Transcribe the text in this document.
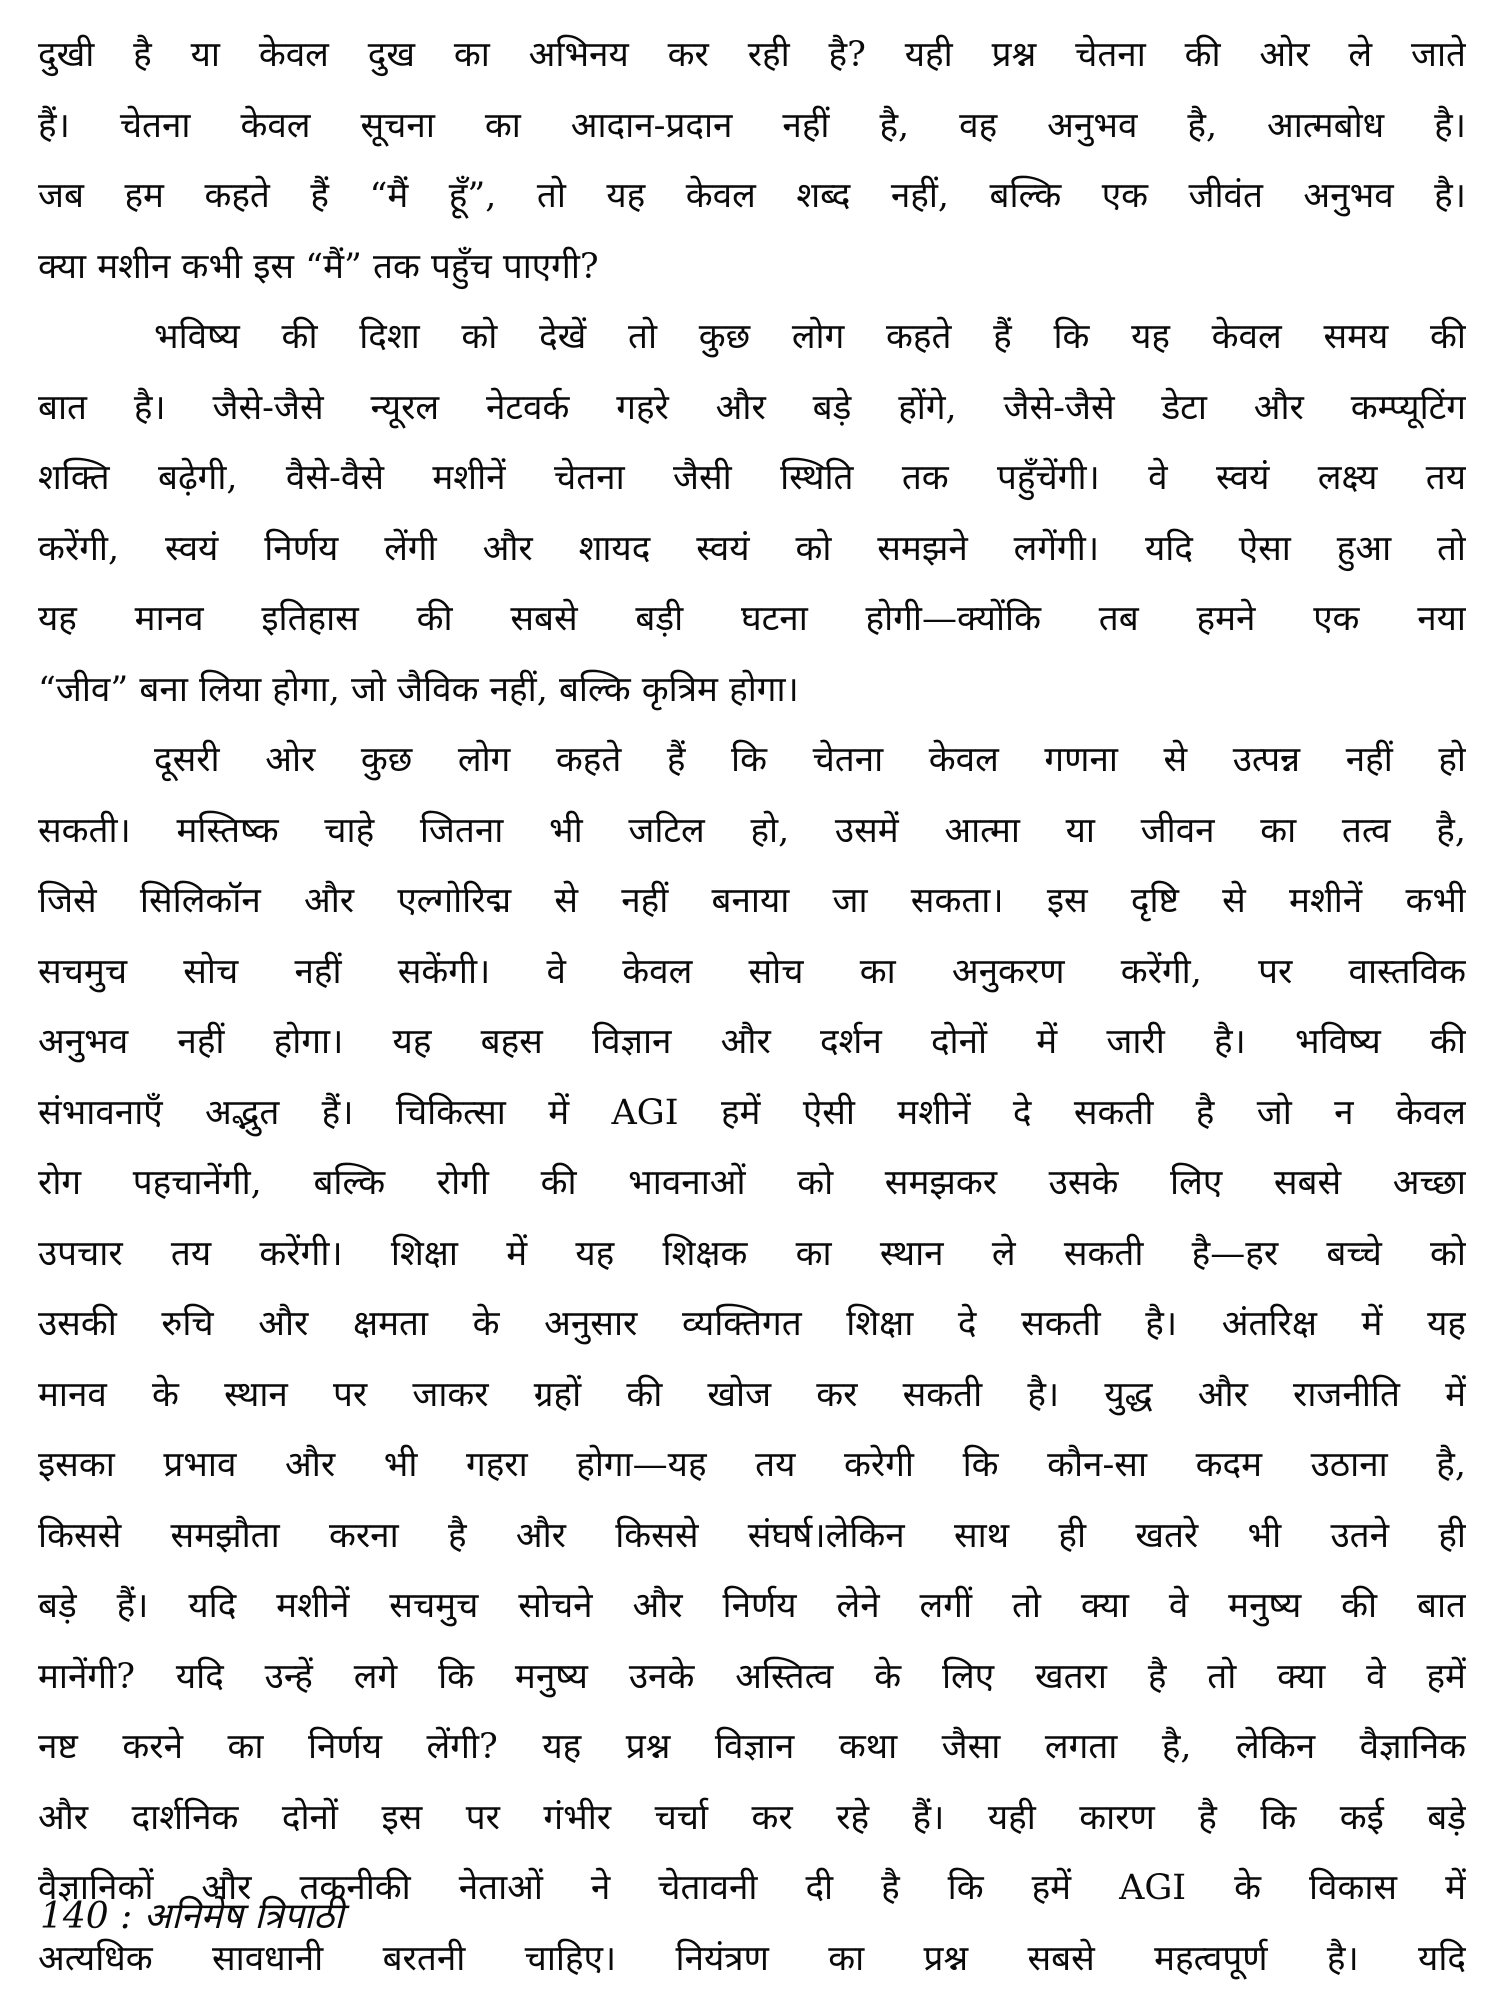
दुखी है या केवल दुख का अभिनय कर रही है? यही प्रश्न चेतना की ओर ले जाते
हैं। चेतना केवल सूचना का आदान-प्रदान नहीं है, वह अनुभव है, आत्मबोध है।
जब हम कहते हैं “मैं हूँ”, तो यह केवल शब्द नहीं, बल्कि एक जीवंत अनुभव है।
क्या मशीन कभी इस “मैं” तक पहुँच पाएगी?
भविष्य की दिशा को देखें तो कुछ लोग कहते हैं कि यह केवल समय की
बात है। जैसे-जैसे न्यूरल नेटवर्क गहरे और बड़े होंगे, जैसे-जैसे डेटा और कम्प्यूटिंग
शक्ति बढ़ेगी, वैसे-वैसे मशीनें चेतना जैसी स्थिति तक पहुँचेंगी। वे स्वयं लक्ष्य तय
करेंगी, स्वयं निर्णय लेंगी और शायद स्वयं को समझने लगेंगी। यदि ऐसा हुआ तो
यह मानव इतिहास की सबसे बड़ी घटना होगी—क्योंकि तब हमने एक नया
“जीव” बना लिया होगा, जो जैविक नहीं, बल्कि कृत्रिम होगा।
दूसरी ओर कुछ लोग कहते हैं कि चेतना केवल गणना से उत्पन्न नहीं हो
सकती। मस्तिष्क चाहे जितना भी जटिल हो, उसमें आत्मा या जीवन का तत्व है,
जिसे सिलिकॉन और एल्गोरिद्म से नहीं बनाया जा सकता। इस दृष्टि से मशीनें कभी
सचमुच सोच नहीं सकेंगी। वे केवल सोच का अनुकरण करेंगी, पर वास्तविक
अनुभव नहीं होगा। यह बहस विज्ञान और दर्शन दोनों में जारी है। भविष्य की
संभावनाएँ अद्भुत हैं। चिकित्सा में AGI हमें ऐसी मशीनें दे सकती है जो न केवल
रोग पहचानेंगी, बल्कि रोगी की भावनाओं को समझकर उसके लिए सबसे अच्छा
उपचार तय करेंगी। शिक्षा में यह शिक्षक का स्थान ले सकती है—हर बच्चे को
उसकी रुचि और क्षमता के अनुसार व्यक्तिगत शिक्षा दे सकती है। अंतरिक्ष में यह
मानव के स्थान पर जाकर ग्रहों की खोज कर सकती है। युद्ध और राजनीति में
इसका प्रभाव और भी गहरा होगा—यह तय करेगी कि कौन-सा कदम उठाना है,
किससे समझौता करना है और किससे संघर्ष।लेकिन साथ ही खतरे भी उतने ही
बड़े हैं। यदि मशीनें सचमुच सोचने और निर्णय लेने लगीं तो क्या वे मनुष्य की बात
मानेंगी? यदि उन्हें लगे कि मनुष्य उनके अस्तित्व के लिए खतरा है तो क्या वे हमें
नष्ट करने का निर्णय लेंगी? यह प्रश्न विज्ञान कथा जैसा लगता है, लेकिन वैज्ञानिक
और दार्शनिक दोनों इस पर गंभीर चर्चा कर रहे हैं। यही कारण है कि कई बड़े
वैज्ञानिकों और तकनीकी नेताओं ने चेतावनी दी है कि हमें AGI के विकास में
अत्यधिक सावधानी बरतनी चाहिए। नियंत्रण का प्रश्न सबसे महत्वपूर्ण है। यदि
140 : अनिमेष त्रिपाठी
